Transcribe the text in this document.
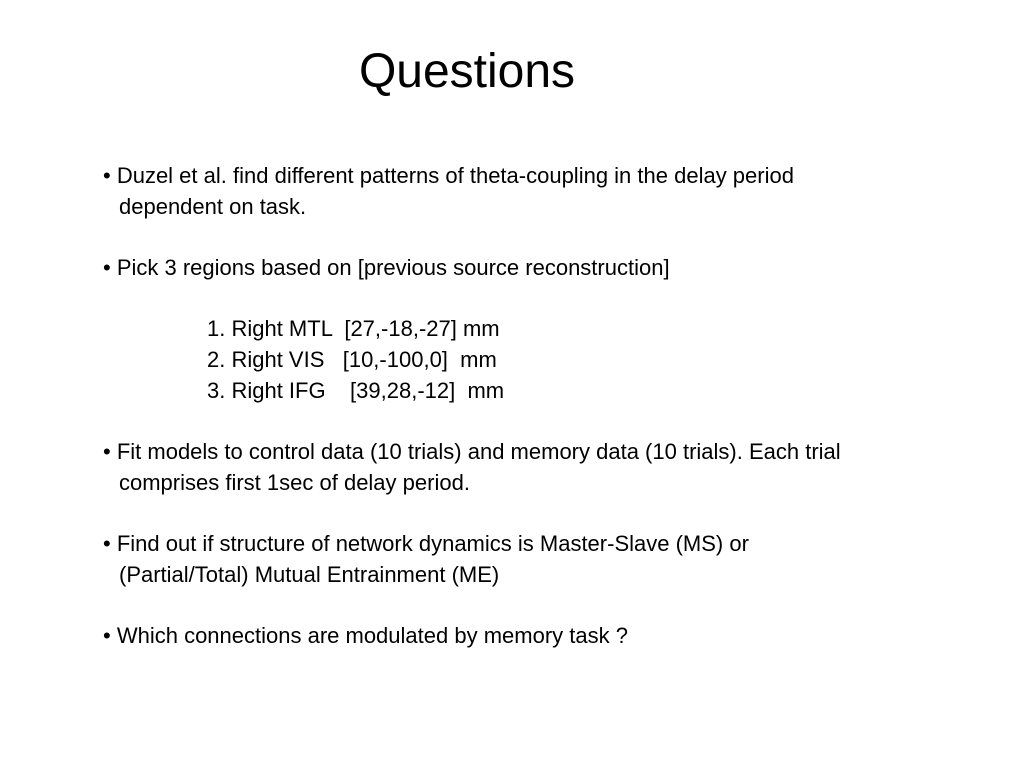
Questions
• Duzel et al. find different patterns of theta-coupling in the delay period
dependent on task.
• Pick 3 regions based on [previous source reconstruction]
1. Right MTL  [27,-18,-27] mm
2. Right VIS   [10,-100,0]  mm
3. Right IFG    [39,28,-12]  mm
• Fit models to control data (10 trials) and memory data (10 trials). Each trial
comprises first 1sec of delay period.
• Find out if structure of network dynamics is Master-Slave (MS) or
(Partial/Total) Mutual Entrainment (ME)
• Which connections are modulated by memory task ?
